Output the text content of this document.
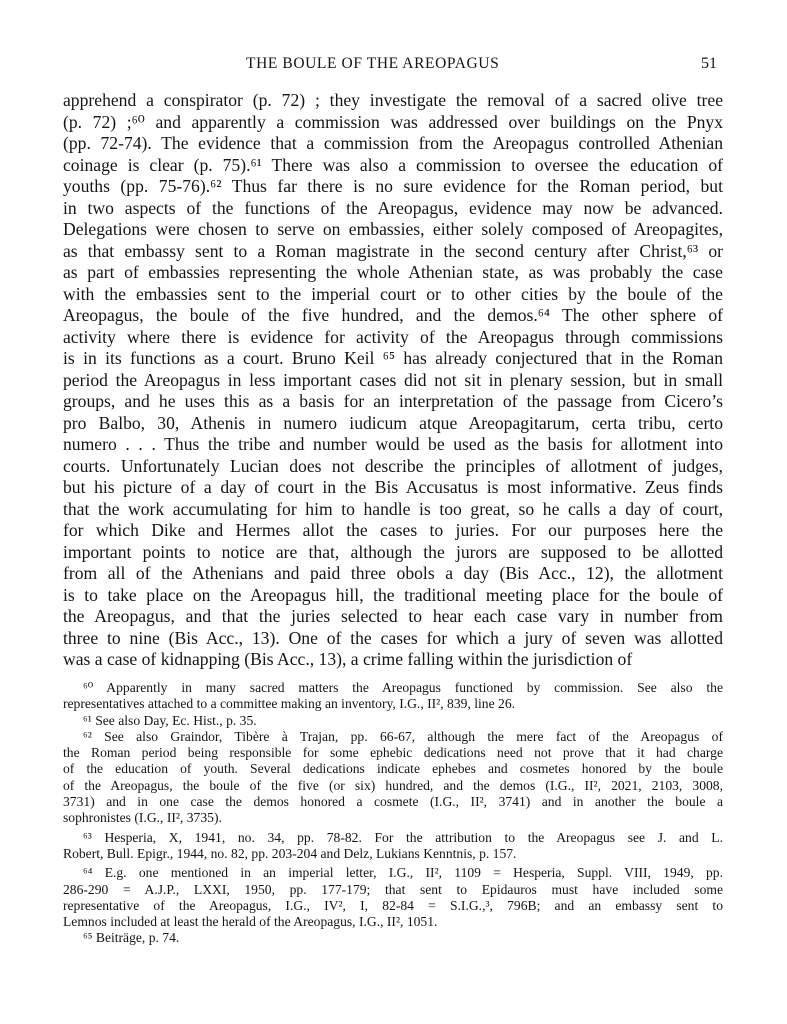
THE BOULE OF THE AREOPAGUS	51
apprehend a conspirator (p. 72) ; they investigate the removal of a sacred olive tree
(p. 72) ;⁶⁰ and apparently a commission was addressed over buildings on the Pnyx
(pp. 72-74). The evidence that a commission from the Areopagus controlled Athenian
coinage is clear (p. 75).⁶¹ There was also a commission to oversee the education of
youths (pp. 75-76).⁶² Thus far there is no sure evidence for the Roman period, but
in two aspects of the functions of the Areopagus, evidence may now be advanced.
Delegations were chosen to serve on embassies, either solely composed of Areopagites,
as that embassy sent to a Roman magistrate in the second century after Christ,⁶³ or
as part of embassies representing the whole Athenian state, as was probably the case
with the embassies sent to the imperial court or to other cities by the boule of the
Areopagus, the boule of the five hundred, and the demos.⁶⁴ The other sphere of
activity where there is evidence for activity of the Areopagus through commissions
is in its functions as a court. Bruno Keil ⁶⁵ has already conjectured that in the Roman
period the Areopagus in less important cases did not sit in plenary session, but in small
groups, and he uses this as a basis for an interpretation of the passage from Cicero’s
pro Balbo, 30, Athenis in numero iudicum atque Areopagitarum, certa tribu, certo
numero . . . Thus the tribe and number would be used as the basis for allotment into
courts. Unfortunately Lucian does not describe the principles of allotment of judges,
but his picture of a day of court in the Bis Accusatus is most informative. Zeus finds
that the work accumulating for him to handle is too great, so he calls a day of court,
for which Dike and Hermes allot the cases to juries. For our purposes here the
important points to notice are that, although the jurors are supposed to be allotted
from all of the Athenians and paid three obols a day (Bis Acc., 12), the allotment
is to take place on the Areopagus hill, the traditional meeting place for the boule of
the Areopagus, and that the juries selected to hear each case vary in number from
three to nine (Bis Acc., 13). One of the cases for which a jury of seven was allotted
was a case of kidnapping (Bis Acc., 13), a crime falling within the jurisdiction of
⁶⁰ Apparently in many sacred matters the Areopagus functioned by commission. See also the
representatives attached to a committee making an inventory, I.G., II², 839, line 26.
⁶¹ See also Day, Ec. Hist., p. 35.
⁶² See also Graindor, Tibère à Trajan, pp. 66-67, although the mere fact of the Areopagus of
the Roman period being responsible for some ephebic dedications need not prove that it had charge
of the education of youth. Several dedications indicate ephebes and cosmetes honored by the boule
of the Areopagus, the boule of the five (or six) hundred, and the demos (I.G., II², 2021, 2103, 3008,
3731) and in one case the demos honored a cosmete (I.G., II², 3741) and in another the boule a
sophronistes (I.G., II², 3735).
⁶³ Hesperia, X, 1941, no. 34, pp. 78-82. For the attribution to the Areopagus see J. and L.
Robert, Bull. Epigr., 1944, no. 82, pp. 203-204 and Delz, Lukians Kenntnis, p. 157.
⁶⁴ E.g. one mentioned in an imperial letter, I.G., II², 1109 = Hesperia, Suppl. VIII, 1949, pp.
286-290 = A.J.P., LXXI, 1950, pp. 177-179; that sent to Epidauros must have included some
representative of the Areopagus, I.G., IV², I, 82-84 = S.I.G.,³, 796B; and an embassy sent to
Lemnos included at least the herald of the Areopagus, I.G., II², 1051.
⁶⁵ Beiträge, p. 74.
